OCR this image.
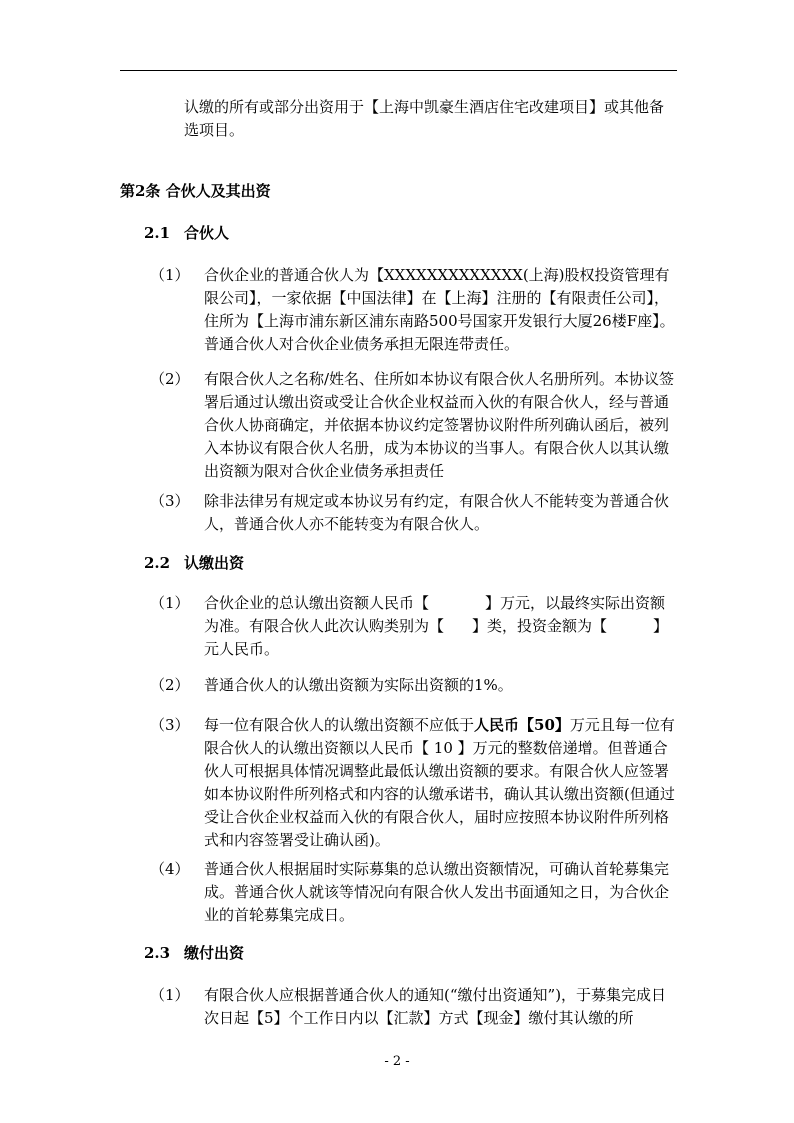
认缴的所有或部分出资用于【上海中凯豪生酒店住宅改建项目】或其他备选项目。

第2条 合伙人及其出资
2.1 合伙人
（1） 合伙企业的普通合伙人为【XXXXXXXXXXXXX(上海)股权投资管理有限公司】，一家依据【中国法律】在【上海】注册的【有限责任公司】，住所为【上海市浦东新区浦东南路500号国家开发银行大厦26楼F座】。普通合伙人对合伙企业债务承担无限连带责任。

（2） 有限合伙人之名称/姓名、住所如本协议有限合伙人名册所列。本协议签署后通过认缴出资或受让合伙企业权益而入伙的有限合伙人，经与普通合伙人协商确定，并依据本协议约定签署协议附件所列确认函后，被列入本协议有限合伙人名册，成为本协议的当事人。有限合伙人以其认缴出资额为限对合伙企业债务承担责任

（3） 除非法律另有规定或本协议另有约定，有限合伙人不能转变为普通合伙人，普通合伙人亦不能转变为有限合伙人。

2.2 认缴出资
（1） 合伙企业的总认缴出资额人民币【	】万元，以最终实际出资额为准。有限合伙人此次认购类别为【 】类，投资金额为【	】元人民币。

（2） 普通合伙人的认缴出资额为实际出资额的1%。

（3） 每一位有限合伙人的认缴出资额不应低于人民币【50】万元且每一位有限合伙人的认缴出资额以人民币【 10 】万元的整数倍递增。但普通合伙人可根据具体情况调整此最低认缴出资额的要求。有限合伙人应签署如本协议附件所列格式和内容的认缴承诺书，确认其认缴出资额(但通过受让合伙企业权益而入伙的有限合伙人，届时应按照本协议附件所列格式和内容签署受让确认函)。

（4） 普通合伙人根据届时实际募集的总认缴出资额情况，可确认首轮募集完成。普通合伙人就该等情况向有限合伙人发出书面通知之日，为合伙企业的首轮募集完成日。

2.3 缴付出资
（1） 有限合伙人应根据普通合伙人的通知(“缴付出资通知”)，于募集完成日次日起【5】个工作日内以【汇款】方式【现金】缴付其认缴的所

- 2 -
